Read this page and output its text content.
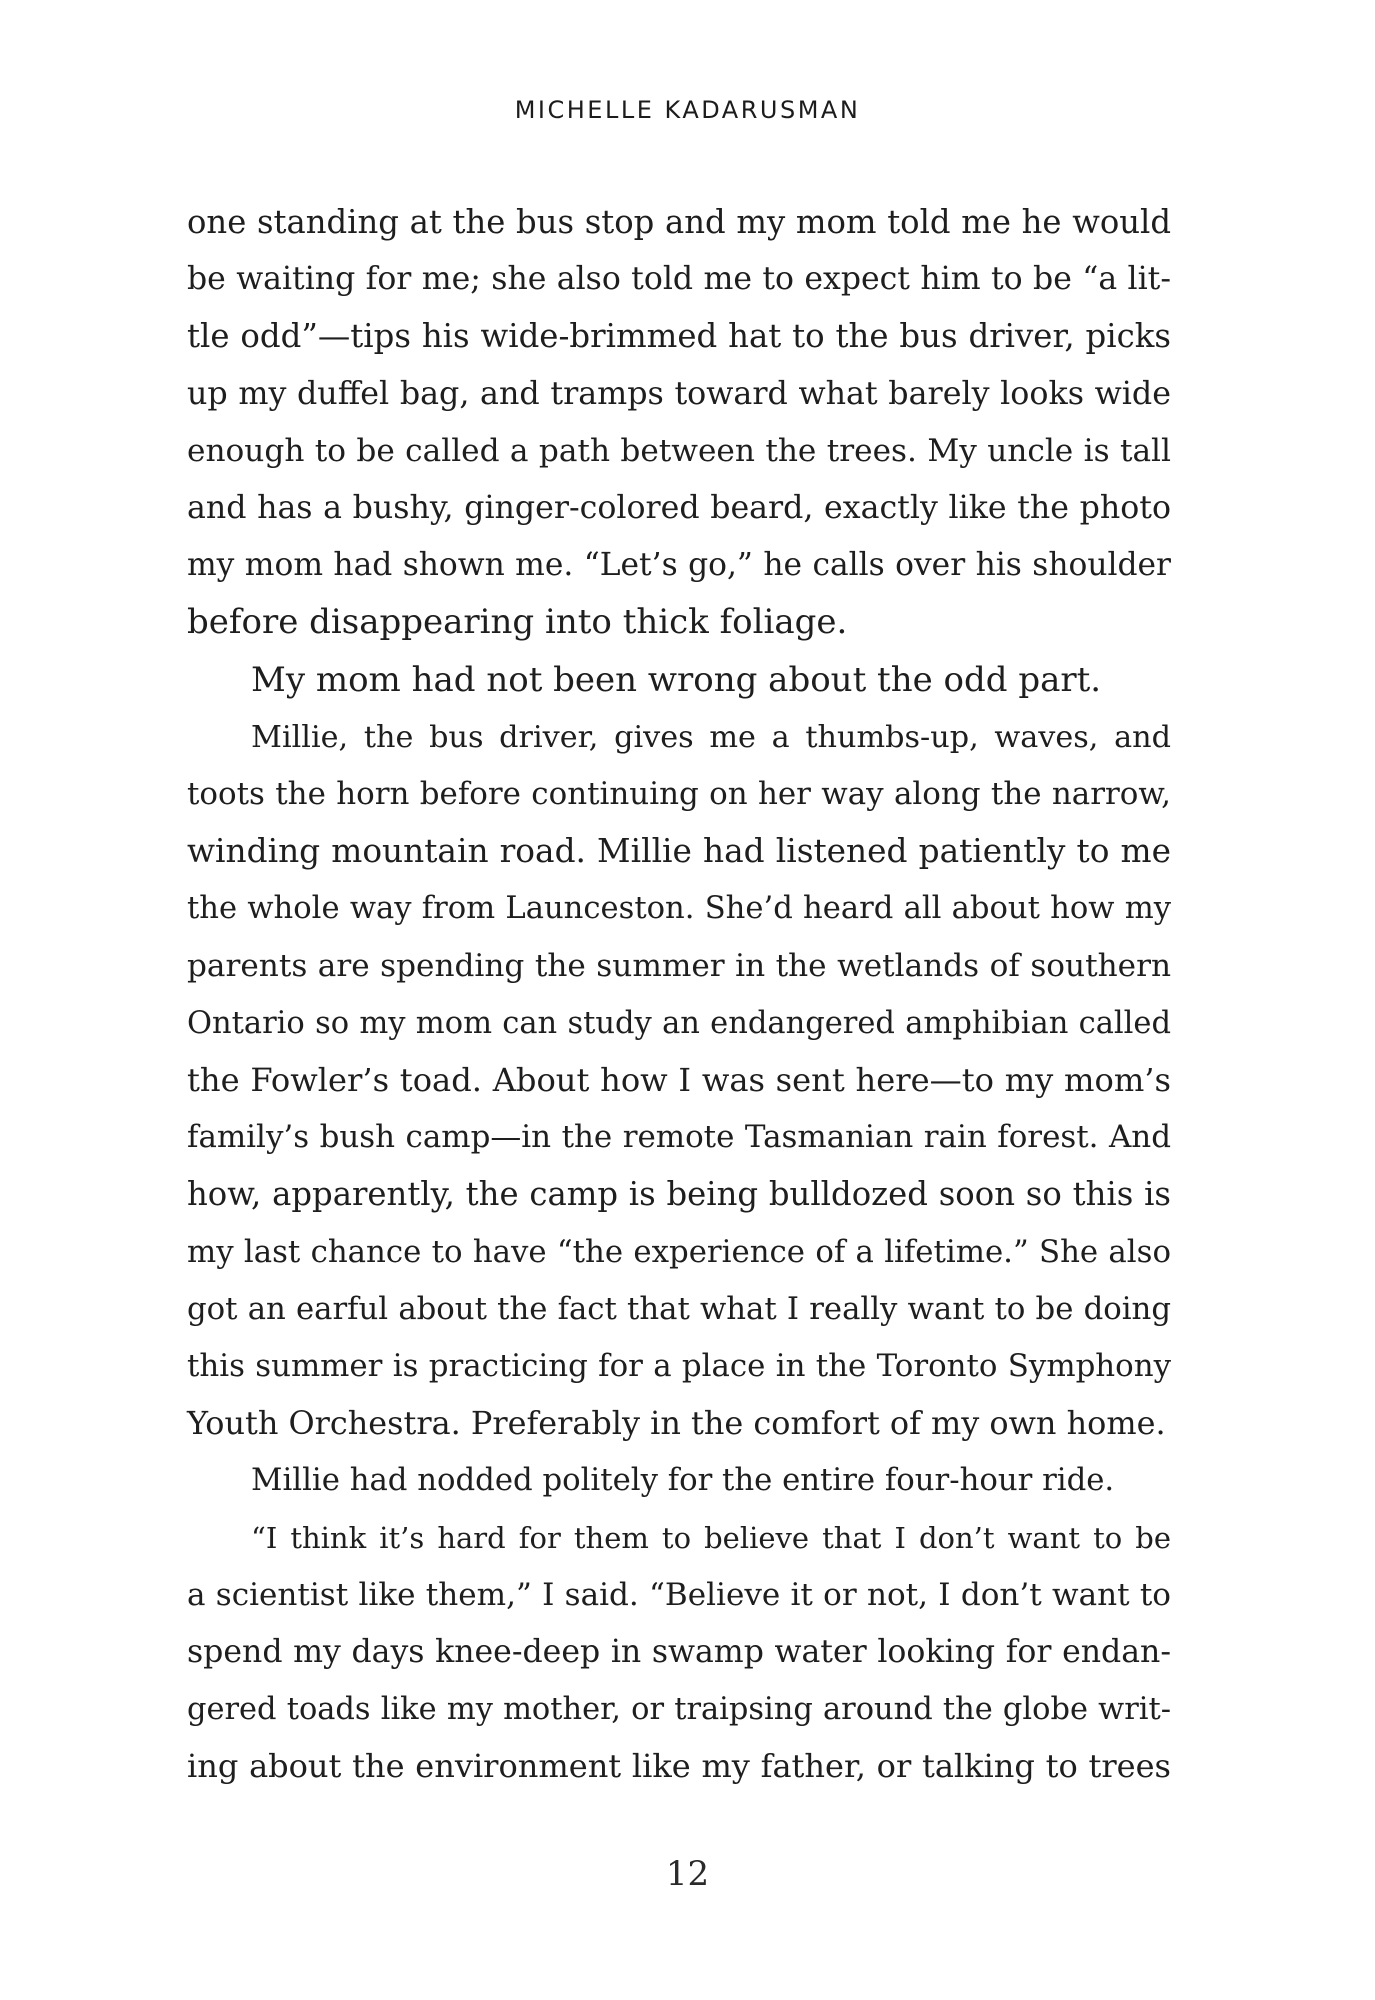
MICHELLE KADARUSMAN
one standing at the bus stop and my mom told me he would
be waiting for me; she also told me to expect him to be “a lit-
tle odd”—tips his wide-brimmed hat to the bus driver, picks
up my duffel bag, and tramps toward what barely looks wide
enough to be called a path between the trees. My uncle is tall
and has a bushy, ginger-colored beard, exactly like the photo
my mom had shown me. “Let’s go,” he calls over his shoulder
before disappearing into thick foliage.
My mom had not been wrong about the odd part.
Millie, the bus driver, gives me a thumbs-up, waves, and
toots the horn before continuing on her way along the narrow,
winding mountain road. Millie had listened patiently to me
the whole way from Launceston. She’d heard all about how my
parents are spending the summer in the wetlands of southern
Ontario so my mom can study an endangered amphibian called
the Fowler’s toad. About how I was sent here—to my mom’s
family’s bush camp—in the remote Tasmanian rain forest. And
how, apparently, the camp is being bulldozed soon so this is
my last chance to have “the experience of a lifetime.” She also
got an earful about the fact that what I really want to be doing
this summer is practicing for a place in the Toronto Symphony
Youth Orchestra. Preferably in the comfort of my own home.
Millie had nodded politely for the entire four-hour ride.
“I think it’s hard for them to believe that I don’t want to be
a scientist like them,” I said. “Believe it or not, I don’t want to
spend my days knee-deep in swamp water looking for endan-
gered toads like my mother, or traipsing around the globe writ-
ing about the environment like my father, or talking to trees
12
